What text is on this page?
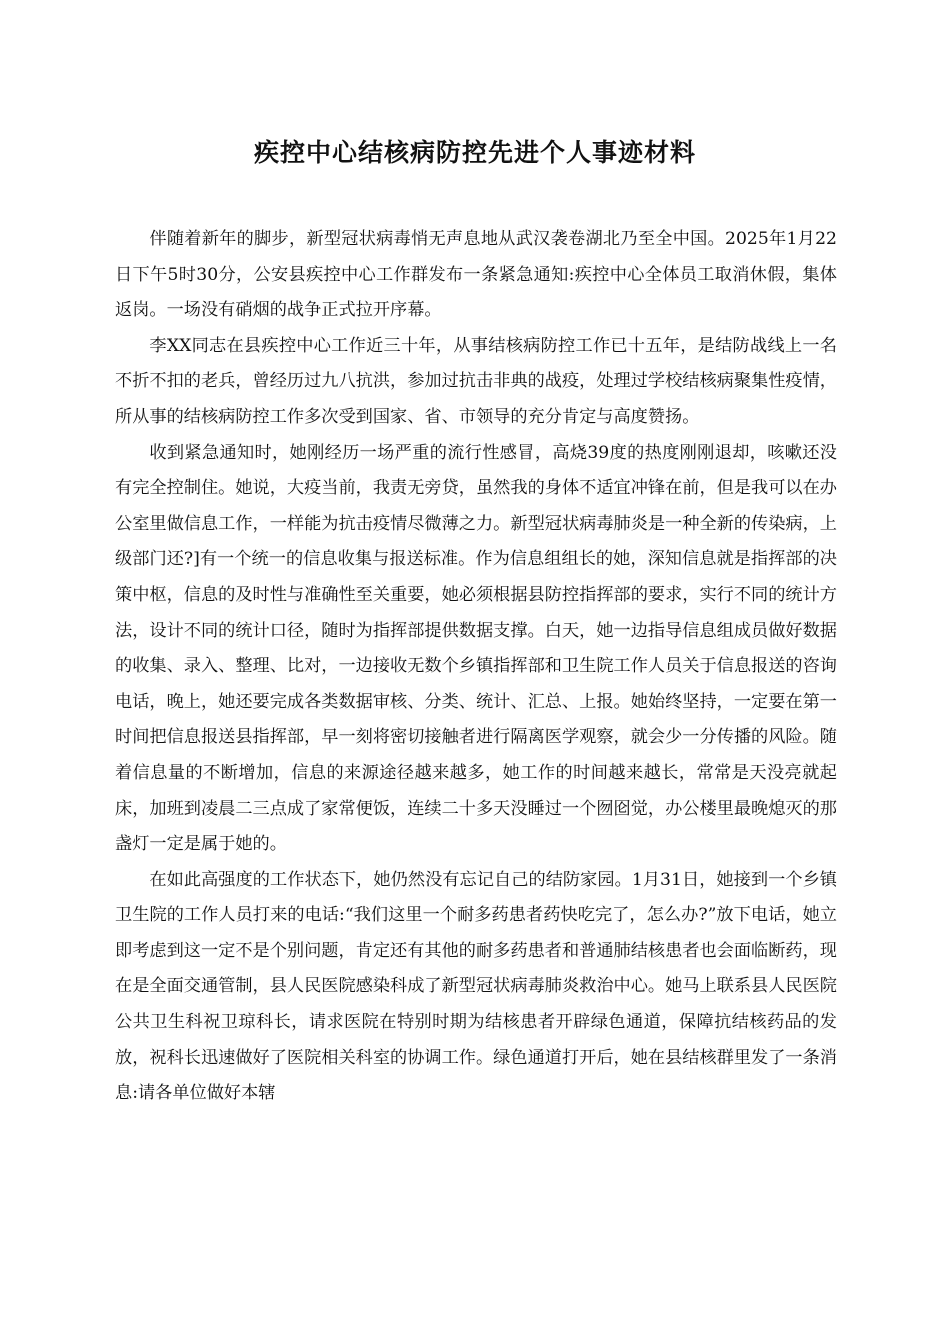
疾控中心结核病防控先进个人事迹材料

伴随着新年的脚步，新型冠状病毒悄无声息地从武汉袭卷湖北乃至全中国。2025年1月22日下午5时30分，公安县疾控中心工作群发布一条紧急通知:疾控中心全体员工取消休假，集体返岗。一场没有硝烟的战争正式拉开序幕。

李XX同志在县疾控中心工作近三十年，从事结核病防控工作已十五年，是结防战线上一名不折不扣的老兵，曾经历过九八抗洪，参加过抗击非典的战疫，处理过学校结核病聚集性疫情，所从事的结核病防控工作多次受到国家、省、市领导的充分肯定与高度赞扬。

收到紧急通知时，她刚经历一场严重的流行性感冒，高烧39度的热度刚刚退却，咳嗽还没有完全控制住。她说，大疫当前，我责无旁贷，虽然我的身体不适宜冲锋在前，但是我可以在办公室里做信息工作，一样能为抗击疫情尽微薄之力。新型冠状病毒肺炎是一种全新的传染病，上级部门还?]有一个统一的信息收集与报送标准。作为信息组组长的她，深知信息就是指挥部的决策中枢，信息的及时性与准确性至关重要，她必须根据县防控指挥部的要求，实行不同的统计方法，设计不同的统计口径，随时为指挥部提供数据支撑。白天，她一边指导信息组成员做好数据的收集、录入、整理、比对，一边接收无数个乡镇指挥部和卫生院工作人员关于信息报送的咨询电话，晚上，她还要完成各类数据审核、分类、统计、汇总、上报。她始终坚持，一定要在第一时间把信息报送县指挥部，早一刻将密切接触者进行隔离医学观察，就会少一分传播的风险。随着信息量的不断增加，信息的来源途径越来越多，她工作的时间越来越长，常常是天没亮就起床，加班到凌晨二三点成了家常便饭，连续二十多天没睡过一个囫囵觉，办公楼里最晚熄灭的那盏灯一定是属于她的。

在如此高强度的工作状态下，她仍然没有忘记自己的结防家园。1月31日，她接到一个乡镇卫生院的工作人员打来的电话:“我们这里一个耐多药患者药快吃完了，怎么办?”放下电话，她立即考虑到这一定不是个别问题，肯定还有其他的耐多药患者和普通肺结核患者也会面临断药，现在是全面交通管制，县人民医院感染科成了新型冠状病毒肺炎救治中心。她马上联系县人民医院公共卫生科祝卫琼科长，请求医院在特别时期为结核患者开辟绿色通道，保障抗结核药品的发放，祝科长迅速做好了医院相关科室的协调工作。绿色通道打开后，她在县结核群里发了一条消息:请各单位做好本辖
